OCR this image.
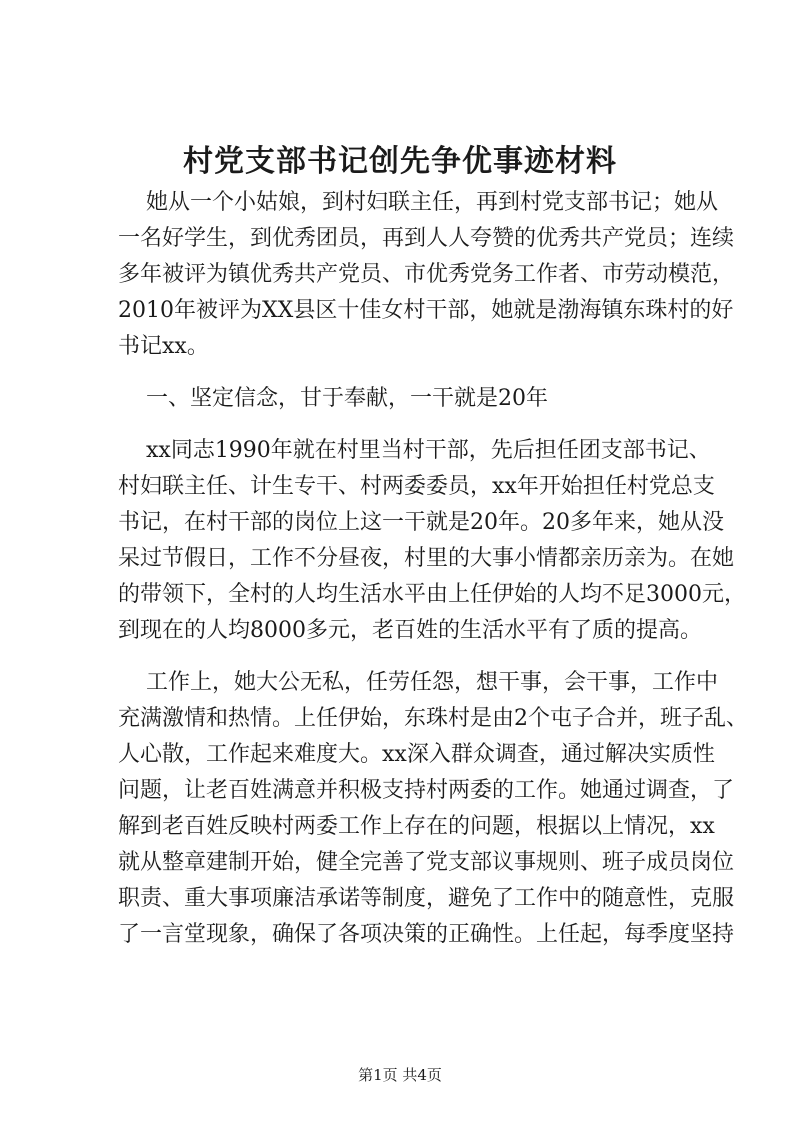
村党支部书记创先争优事迹材料

她从一个小姑娘，到村妇联主任，再到村党支部书记；她从

一名好学生，到优秀团员，再到人人夸赞的优秀共产党员；连续

多年被评为镇优秀共产党员、市优秀党务工作者、市劳动模范，

2010年被评为XX县区十佳女村干部，她就是渤海镇东珠村的好

书记xx。

一、坚定信念，甘于奉献，一干就是20年

xx同志1990年就在村里当村干部，先后担任团支部书记、

村妇联主任、计生专干、村两委委员，xx年开始担任村党总支

书记，在村干部的岗位上这一干就是20年。20多年来，她从没

呆过节假日，工作不分昼夜，村里的大事小情都亲历亲为。在她

的带领下，全村的人均生活水平由上任伊始的人均不足3000元，

到现在的人均8000多元，老百姓的生活水平有了质的提高。

工作上，她大公无私，任劳任怨，想干事，会干事，工作中

充满激情和热情。上任伊始，东珠村是由2个屯子合并，班子乱、

人心散，工作起来难度大。xx深入群众调查，通过解决实质性

问题，让老百姓满意并积极支持村两委的工作。她通过调查，了

解到老百姓反映村两委工作上存在的问题，根据以上情况，xx

就从整章建制开始，健全完善了党支部议事规则、班子成员岗位

职责、重大事项廉洁承诺等制度，避免了工作中的随意性，克服

了一言堂现象，确保了各项决策的正确性。上任起，每季度坚持

第1页 共4页
